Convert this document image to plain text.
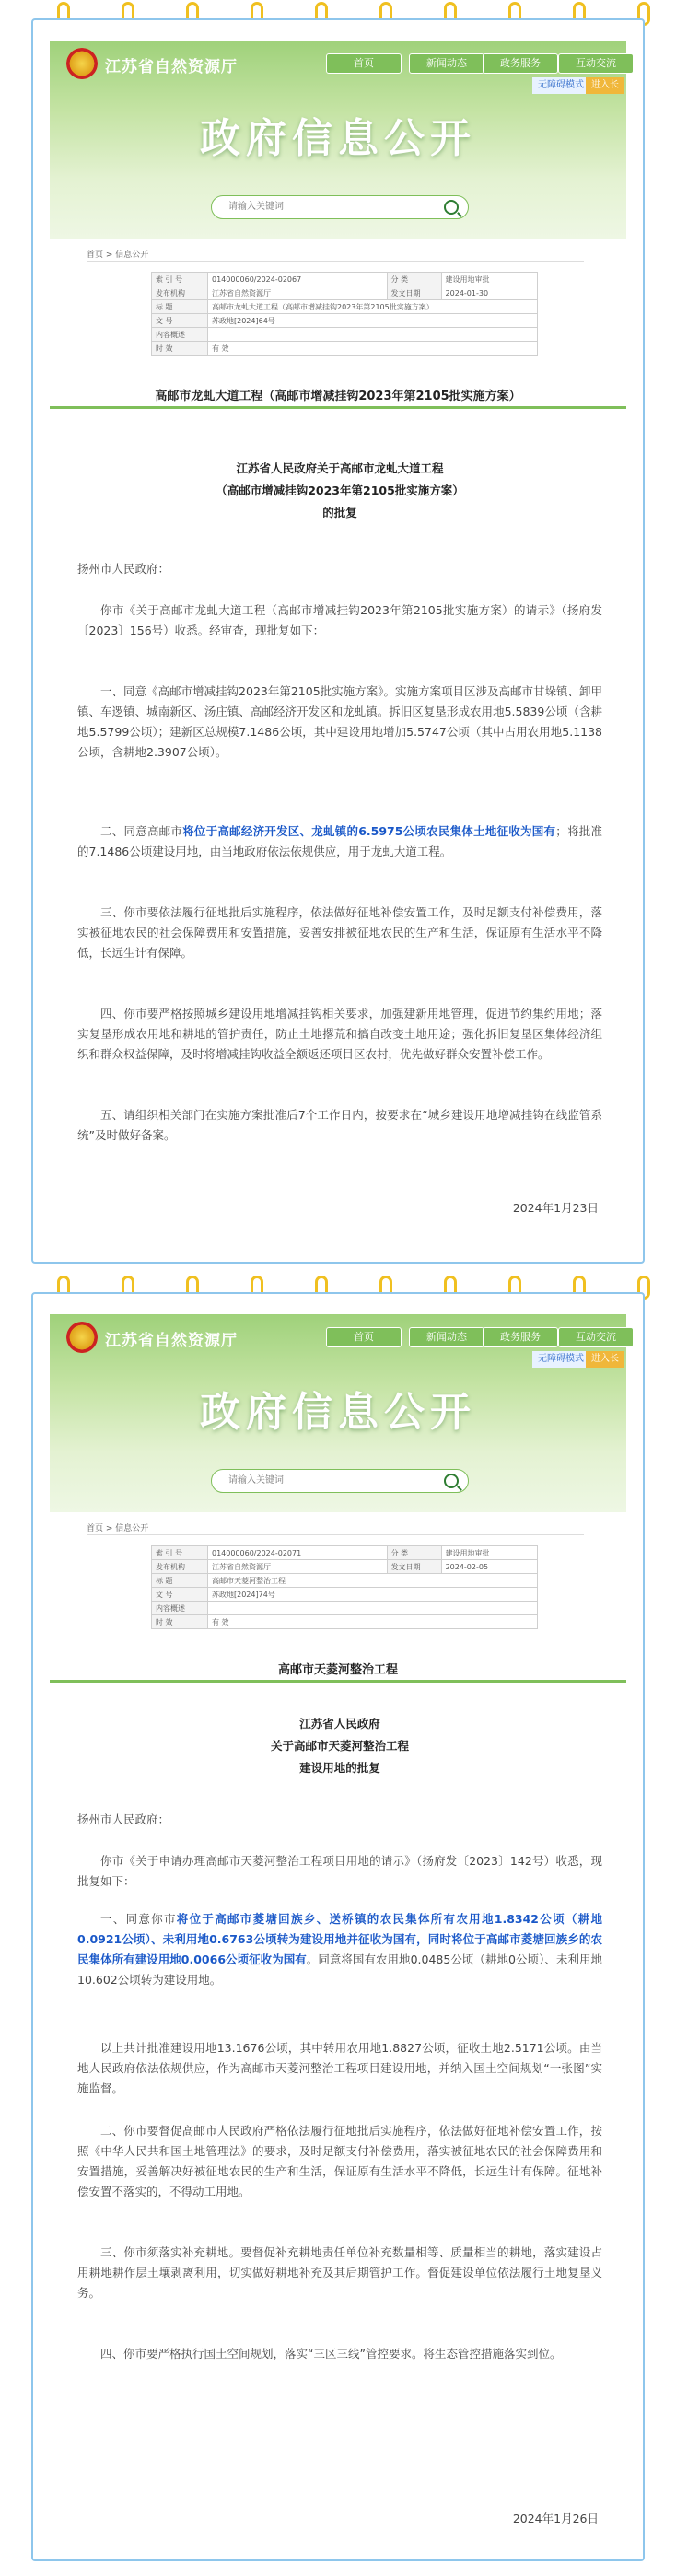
江苏省自然资源厅	首页	新闻动态	政务服务	互动交流
无障碍模式 进入长
政府信息公开
请输入关键词
首页 > 信息公开
索 引 号	014000060/2024-02067	分 类	建设用地审批
发布机构	江苏省自然资源厅	发文日期	2024-01-30
标 题	高邮市龙虬大道工程（高邮市增减挂钩2023年第2105批实施方案）		
文 号	苏政地[2024]64号		
内容概述			
时 效	有 效		
高邮市龙虬大道工程（高邮市增减挂钩2023年第2105批实施方案）
江苏省人民政府关于高邮市龙虬大道工程
（高邮市增减挂钩2023年第2105批实施方案）
的批复
扬州市人民政府：
你市《关于高邮市龙虬大道工程（高邮市增减挂钩2023年第2105批实施方案）的请示》（扬府发〔2023〕156号）收悉。经审查，现批复如下：
一、同意《高邮市增减挂钩2023年第2105批实施方案》。实施方案项目区涉及高邮市甘垛镇、卸甲镇、车逻镇、城南新区、汤庄镇、高邮经济开发区和龙虬镇。拆旧区复垦形成农用地5.5839公顷（含耕地5.5799公顷）；建新区总规模7.1486公顷，其中建设用地增加5.5747公顷（其中占用农用地5.1138公顷，含耕地2.3907公顷）。
二、同意高邮市将位于高邮经济开发区、龙虬镇的6.5975公顷农民集体土地征收为国有；将批准的7.1486公顷建设用地，由当地政府依法依规供应，用于龙虬大道工程。
三、你市要依法履行征地批后实施程序，依法做好征地补偿安置工作，及时足额支付补偿费用，落实被征地农民的社会保障费用和安置措施，妥善安排被征地农民的生产和生活，保证原有生活水平不降低，长远生计有保障。
四、你市要严格按照城乡建设用地增减挂钩相关要求，加强建新用地管理，促进节约集约用地；落实复垦形成农用地和耕地的管护责任，防止土地撂荒和搞自改变土地用途；强化拆旧复垦区集体经济组织和群众权益保障，及时将增减挂钩收益全额返还项目区农村，优先做好群众安置补偿工作。
五、请组织相关部门在实施方案批准后7个工作日内，按要求在“城乡建设用地增减挂钩在线监管系统”及时做好备案。
2024年1月23日
江苏省自然资源厅	首页	新闻动态	政务服务	互动交流
无障碍模式 进入长
政府信息公开
请输入关键词
首页 > 信息公开
索 引 号	014000060/2024-02071	分 类	建设用地审批
发布机构	江苏省自然资源厅	发文日期	2024-02-05
标 题	高邮市天菱河整治工程		
文 号	苏政地[2024]74号		
内容概述			
时 效	有 效		
高邮市天菱河整治工程
江苏省人民政府
关于高邮市天菱河整治工程
建设用地的批复
扬州市人民政府：
你市《关于申请办理高邮市天菱河整治工程项目用地的请示》（扬府发〔2023〕142号）收悉，现批复如下：
一、同意你市将位于高邮市菱塘回族乡、送桥镇的农民集体所有农用地1.8342公顷（耕地0.0921公顷）、未利用地0.6763公顷转为建设用地并征收为国有，同时将位于高邮市菱塘回族乡的农民集体所有建设用地0.0066公顷征收为国有。同意将国有农用地0.0485公顷（耕地0公顷）、未利用地10.602公顷转为建设用地。
以上共计批准建设用地13.1676公顷，其中转用农用地1.8827公顷，征收土地2.5171公顷。由当地人民政府依法依规供应，作为高邮市天菱河整治工程项目建设用地，并纳入国土空间规划“一张图”实施监督。
二、你市要督促高邮市人民政府严格依法履行征地批后实施程序，依法做好征地补偿安置工作，按照《中华人民共和国土地管理法》的要求，及时足额支付补偿费用，落实被征地农民的社会保障费用和安置措施，妥善解决好被征地农民的生产和生活，保证原有生活水平不降低，长远生计有保障。征地补偿安置不落实的，不得动工用地。
三、你市须落实补充耕地。要督促补充耕地责任单位补充数量相等、质量相当的耕地，落实建设占用耕地耕作层土壤剥离利用，切实做好耕地补充及其后期管护工作。督促建设单位依法履行土地复垦义务。
四、你市要严格执行国土空间规划，落实“三区三线”管控要求。将生态管控措施落实到位。
2024年1月26日
